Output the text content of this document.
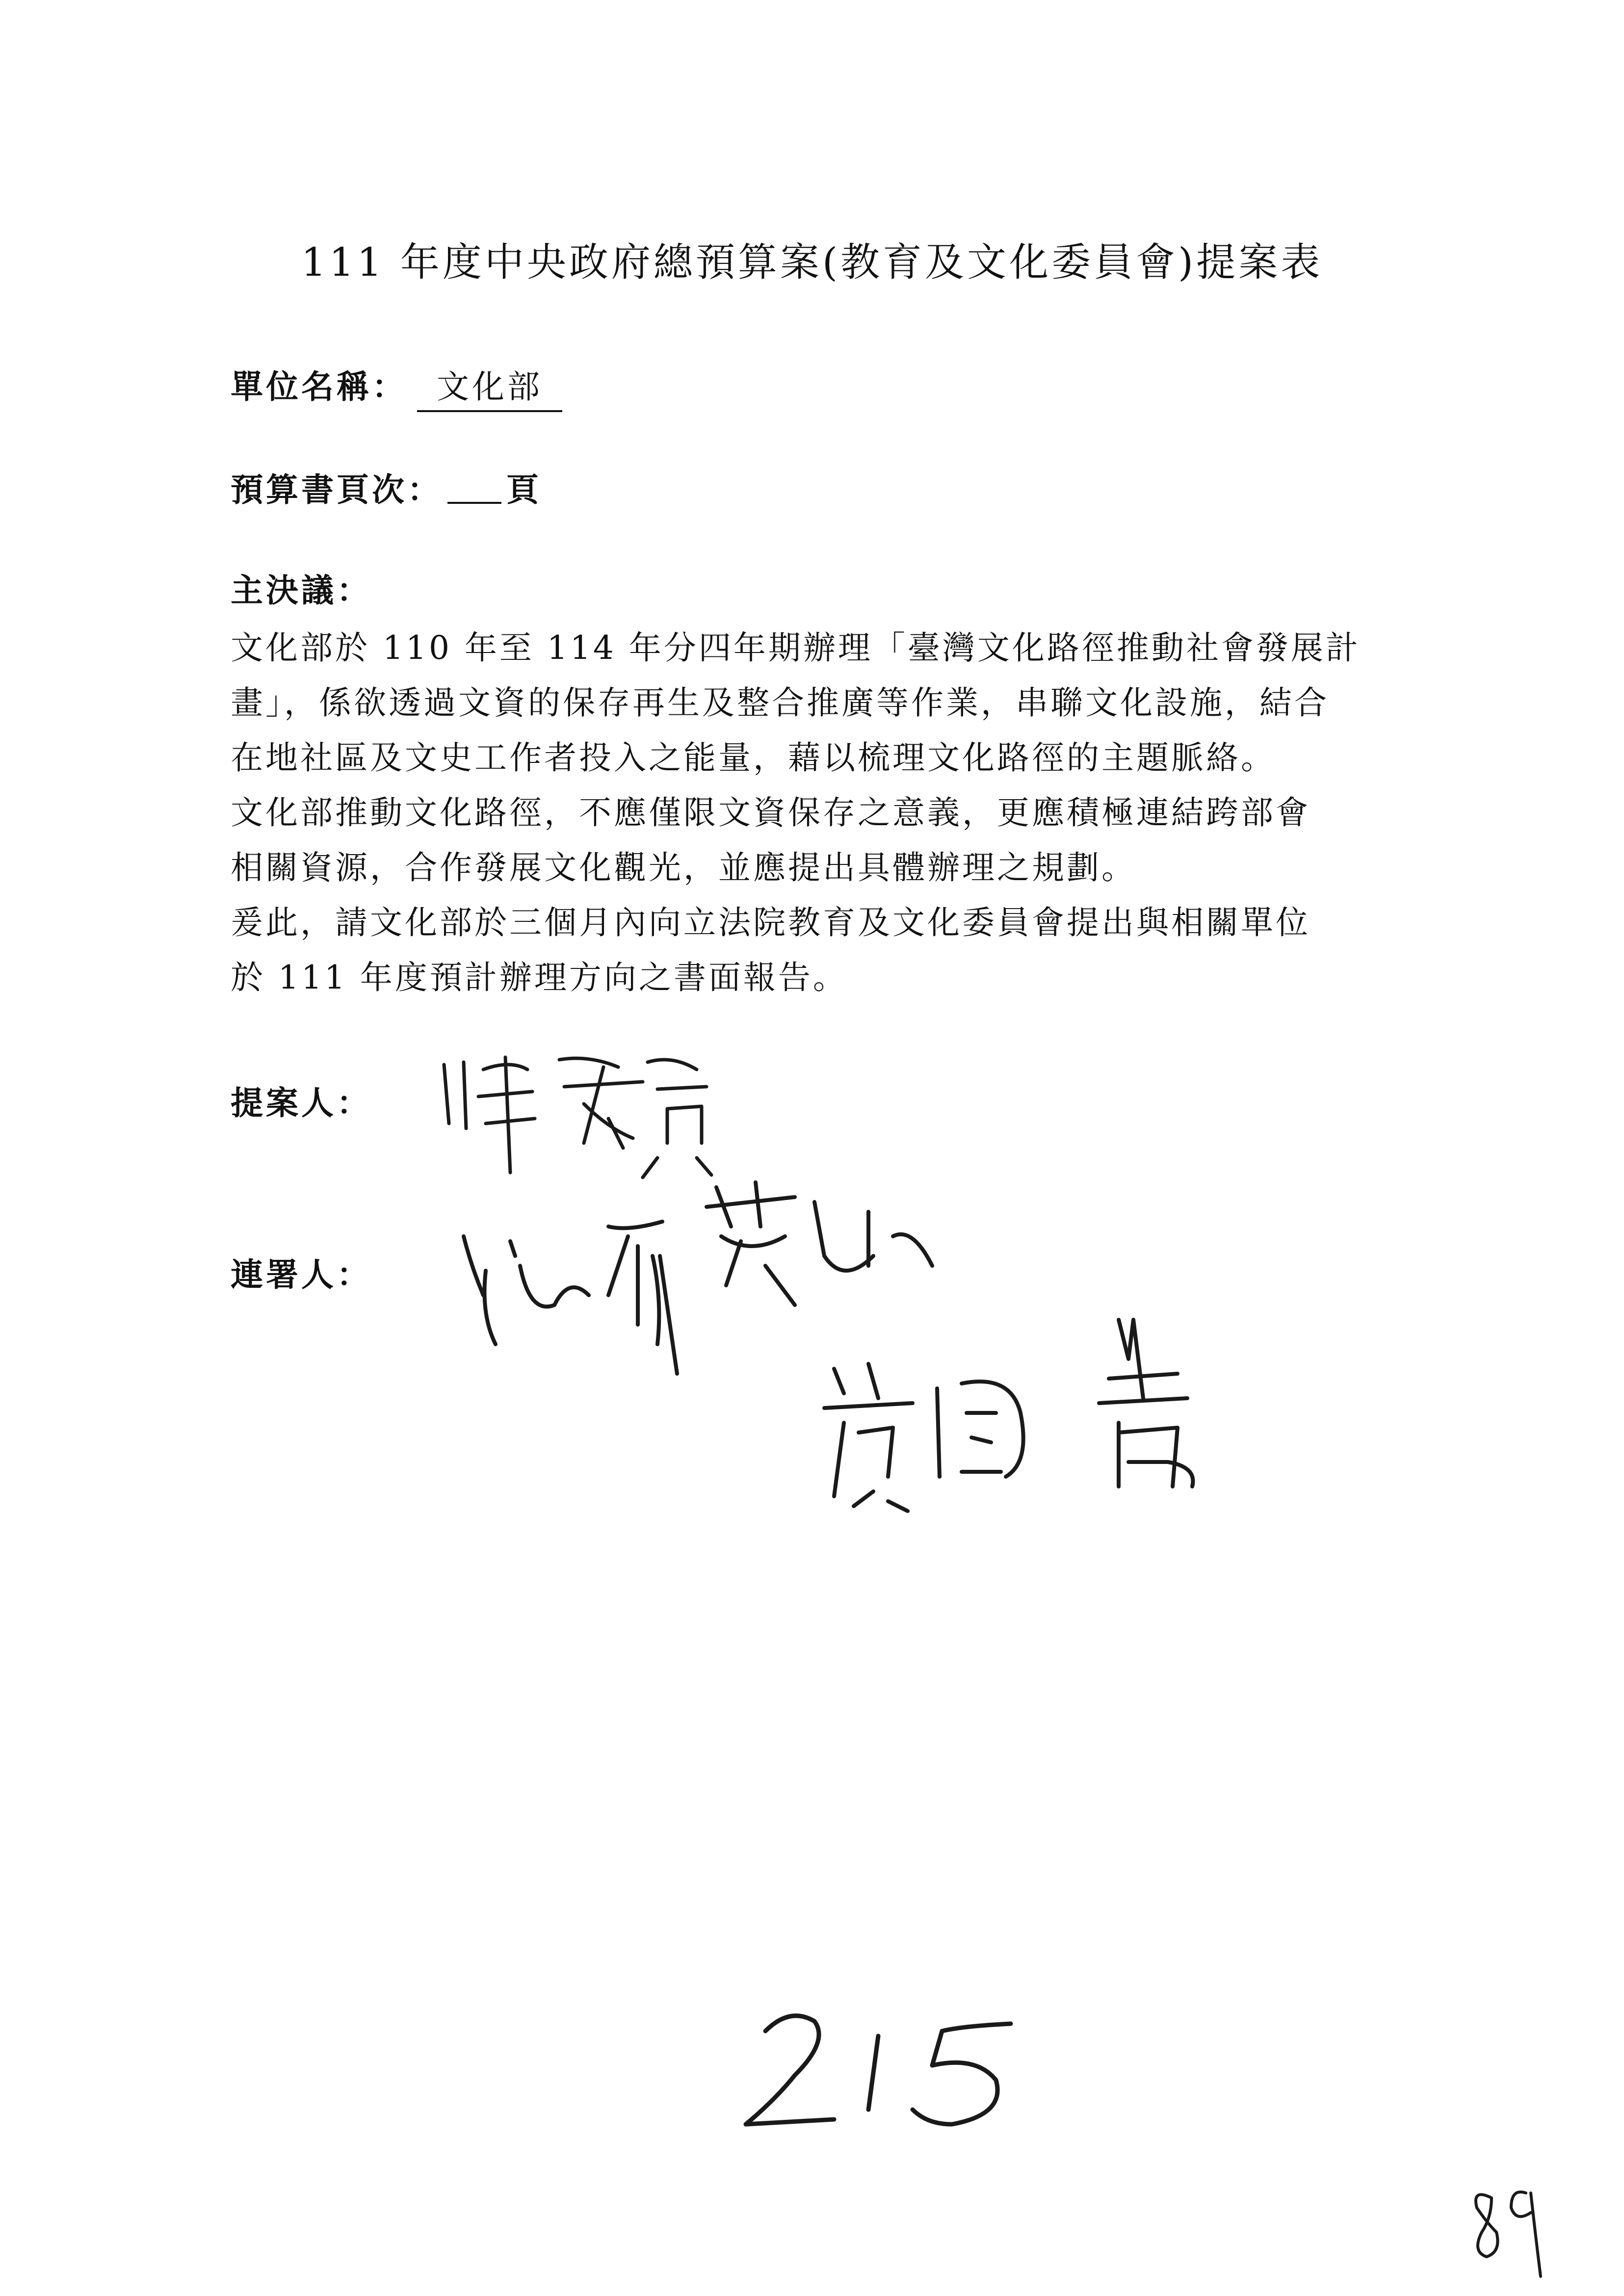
111 年度中央政府總預算案(教育及文化委員會)提案表
單位名稱： 文化部
預算書頁次： 頁
主決議：

文化部於 110 年至 114 年分四年期辦理「臺灣文化路徑推動社會發展計

畫」，係欲透過文資的保存再生及整合推廣等作業，串聯文化設施，結合

在地社區及文史工作者投入之能量，藉以梳理文化路徑的主題脈絡。

文化部推動文化路徑，不應僅限文資保存之意義，更應積極連結跨部會

相關資源，合作發展文化觀光，並應提出具體辦理之規劃。

爰此，請文化部於三個月內向立法院教育及文化委員會提出與相關單位

於 111 年度預計辦理方向之書面報告。

提案人：
連署人：
